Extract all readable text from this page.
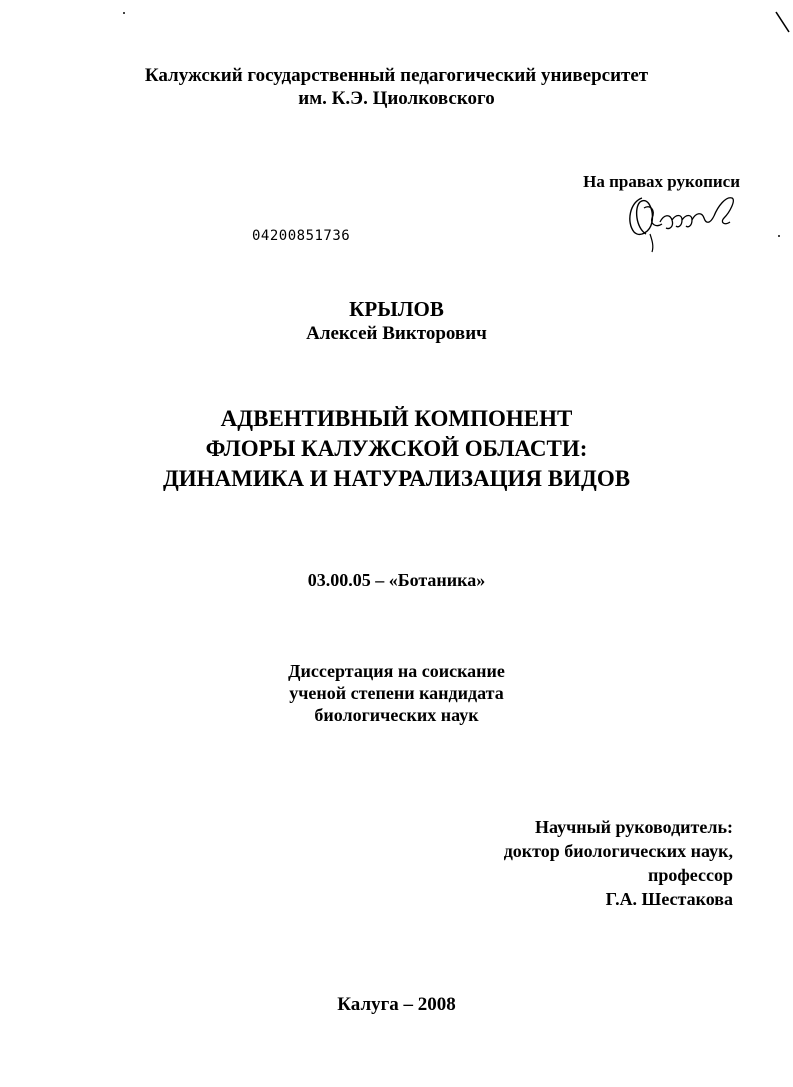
Калужский государственный педагогический университет
им. К.Э. Циолковского
На правах рукописи
04200851736
КРЫЛОВ
Алексей Викторович
АДВЕНТИВНЫЙ КОМПОНЕНТ
ФЛОРЫ КАЛУЖСКОЙ ОБЛАСТИ:
ДИНАМИКА И НАТУРАЛИЗАЦИЯ ВИДОВ
03.00.05 – «Ботаника»
Диссертация на соискание
ученой степени кандидата
биологических наук
Научный руководитель:
доктор биологических наук,
профессор
Г.А. Шестакова
Калуга – 2008
